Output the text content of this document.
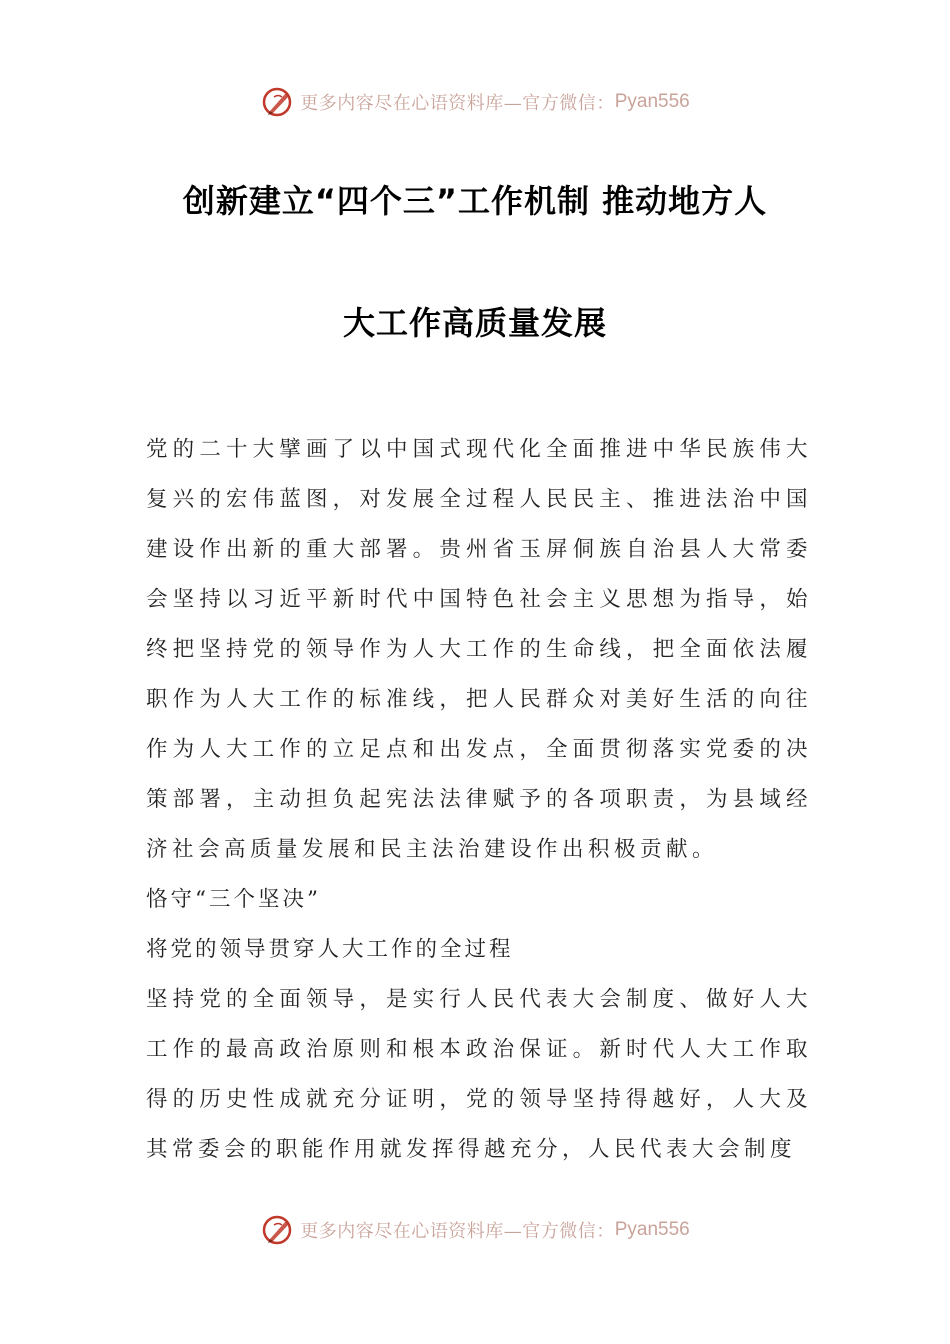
更多内容尽在心语资料库—官方微信： Pyan556
创新建立“四个三”工作机制 推动地方人
大工作高质量发展

党的二十大擘画了以中国式现代化全面推进中华民族伟大复兴的宏伟蓝图，对发展全过程人民民主、推进法治中国建设作出新的重大部署。贵州省玉屏侗族自治县人大常委会坚持以习近平新时代中国特色社会主义思想为指导，始终把坚持党的领导作为人大工作的生命线，把全面依法履职作为人大工作的标准线，把人民群众对美好生活的向往作为人大工作的立足点和出发点，全面贯彻落实党委的决策部署，主动担负起宪法法律赋予的各项职责，为县域经济社会高质量发展和民主法治建设作出积极贡献。

恪守“三个坚决”

将党的领导贯穿人大工作的全过程

坚持党的全面领导，是实行人民代表大会制度、做好人大工作的最高政治原则和根本政治保证。新时代人大工作取得的历史性成就充分证明，党的领导坚持得越好，人大及其常委会的职能作用就发挥得越充分，人民代表大会制度

更多内容尽在心语资料库—官方微信： Pyan556
